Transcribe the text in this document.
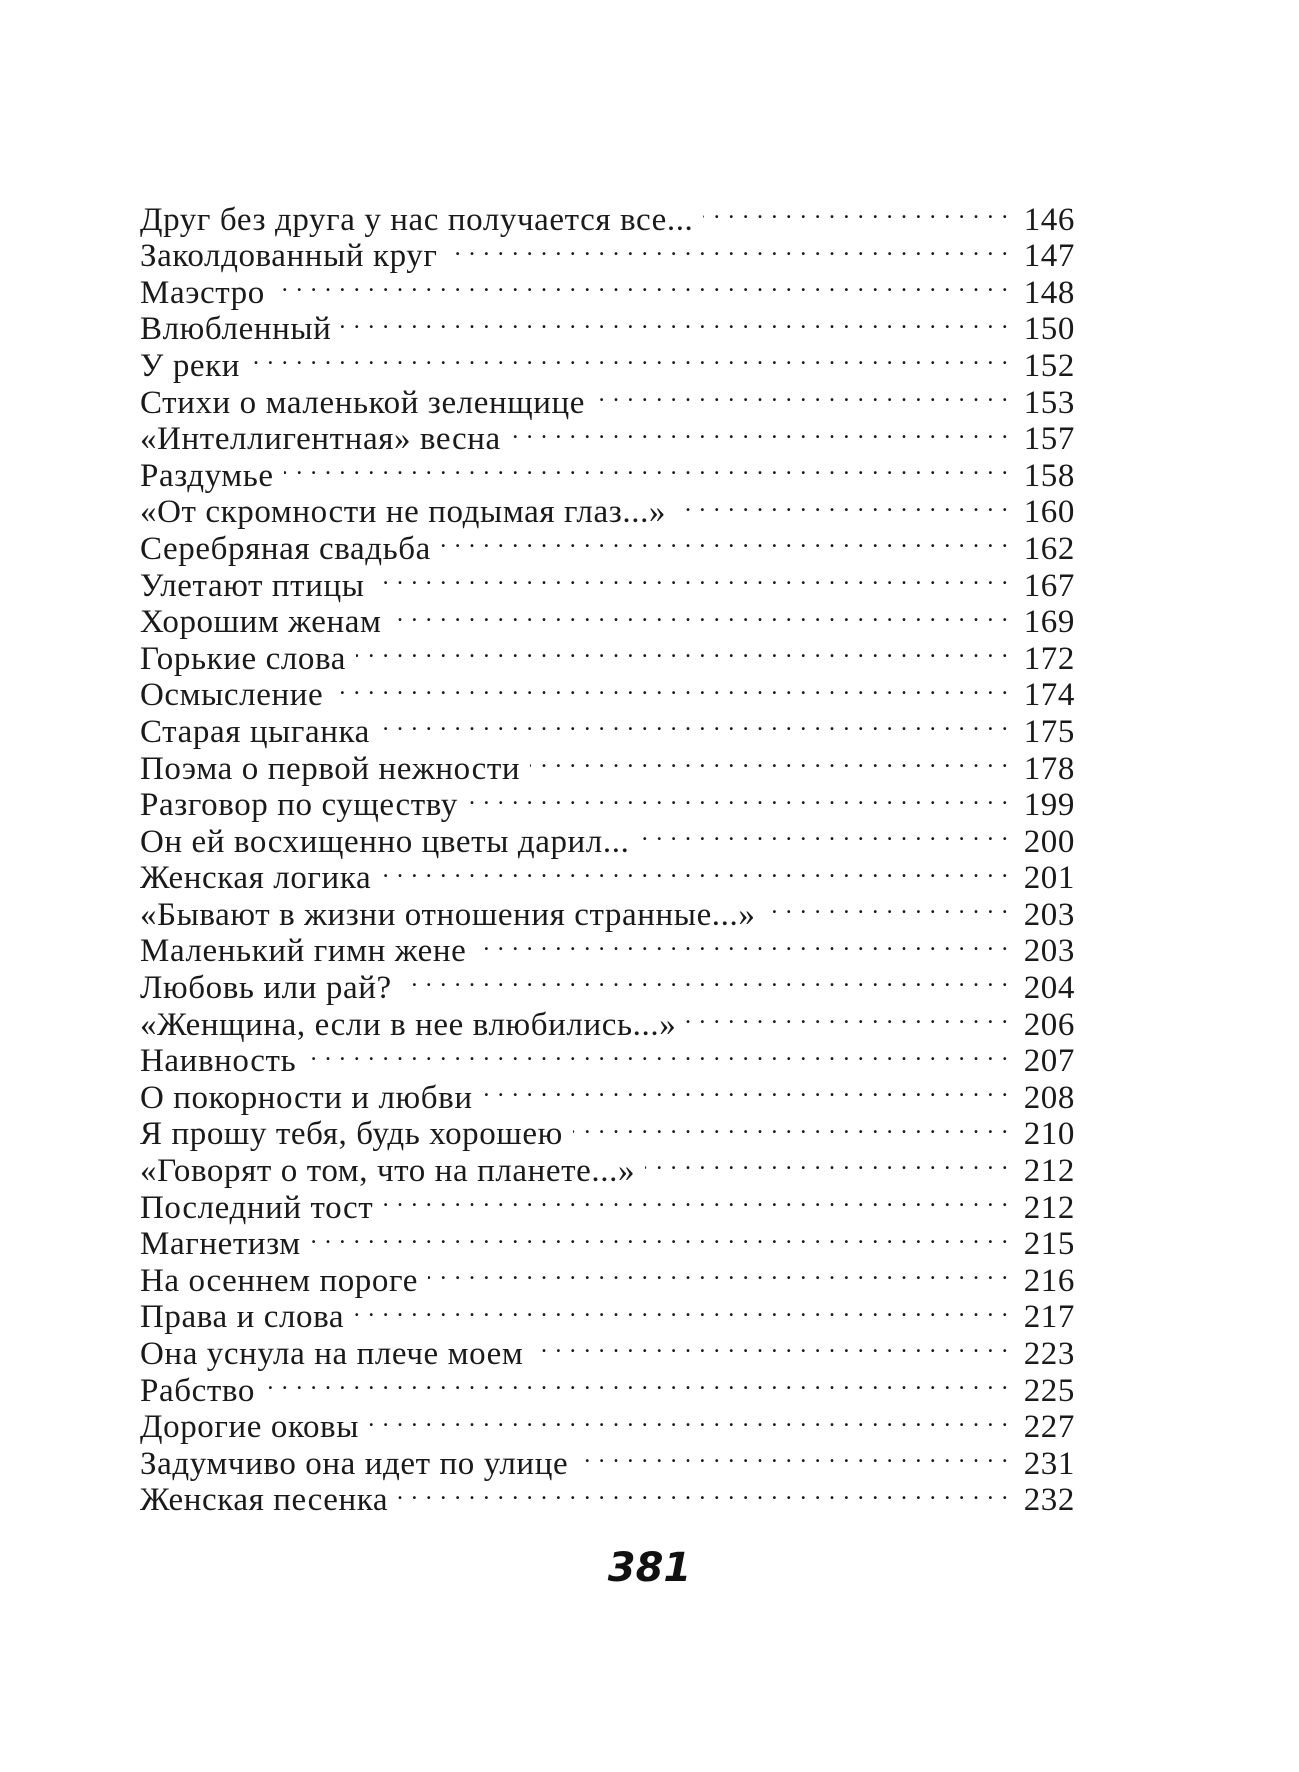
Друг без друга у нас получается все... . . .	146
Заколдованный круг . . .	147
Маэстро . . .	148
Влюбленный . . .	150
У реки . . .	152
Стихи о маленькой зеленщице . . .	153
«Интеллигентная» весна . . .	157
Раздумье . . .	158
«От скромности не подымая глаз...» . . .	160
Серебряная свадьба . . .	162
Улетают птицы . . .	167
Хорошим женам . . .	169
Горькие слова . . .	172
Осмысление . . .	174
Старая цыганка . . .	175
Поэма о первой нежности . . .	178
Разговор по существу . . .	199
Он ей восхищенно цветы дарил... . . .	200
Женская логика . . .	201
«Бывают в жизни отношения странные...» . . .	203
Маленький гимн жене . . .	203
Любовь или рай? . . .	204
«Женщина, если в нее влюбились...» . . .	206
Наивность . . .	207
О покорности и любви . . .	208
Я прошу тебя, будь хорошею . . .	210
«Говорят о том, что на планете...» . . .	212
Последний тост . . .	212
Магнетизм . . .	215
На осеннем пороге . . .	216
Права и слова . . .	217
Она уснула на плече моем . . .	223
Рабство . . .	225
Дорогие оковы . . .	227
Задумчиво она идет по улице . . .	231
Женская песенка . . .	232
381
